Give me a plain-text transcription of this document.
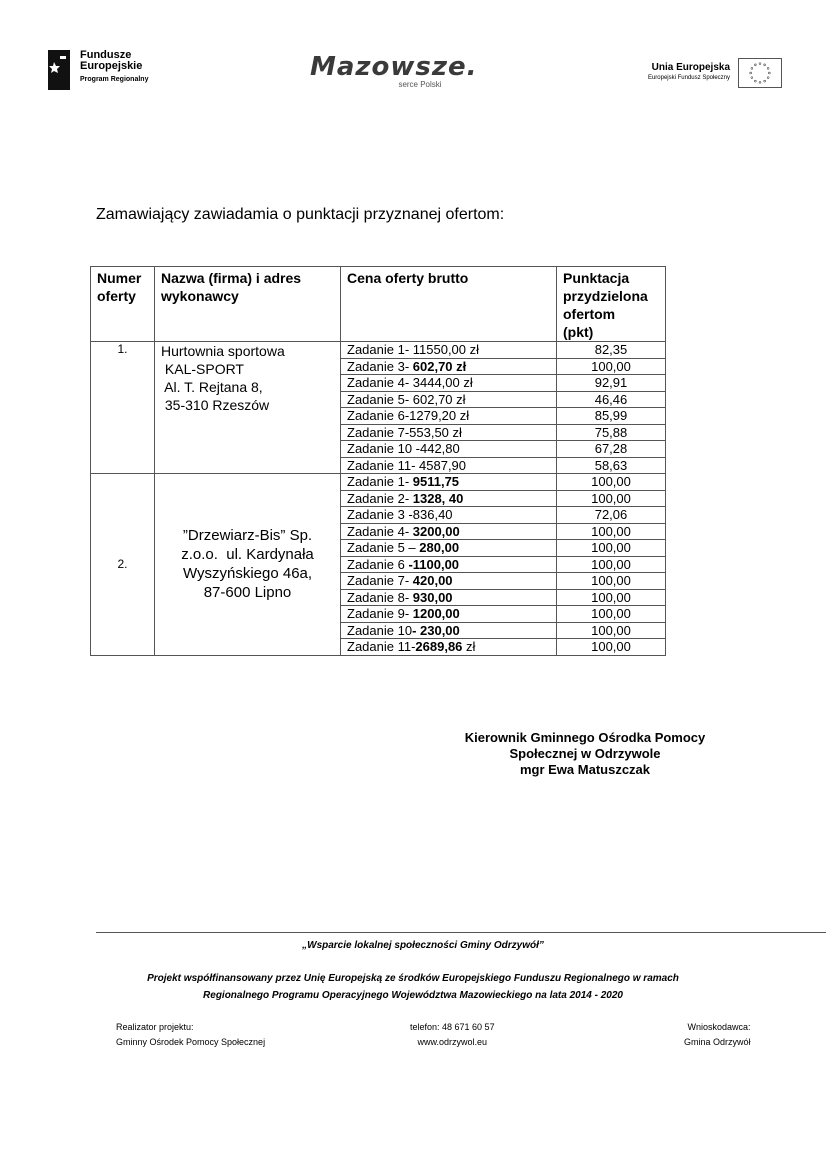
Fundusze
Europejskie
Program Regionalny	Mazowsze.
serce Polski
Unia Europejska
Europejski Fundusz Społeczny
Zamawiający zawiadamia o punktacji przyznanej ofertom:
Numer
oferty	Nazwa (firma) i adres
wykonawcy	Cena oferty brutto	Punktacja
przydzielona
ofertom
(pkt)
1.	Hurtownia sportowa
KAL-SPORT
Al. T. Rejtana 8,
35-310 Rzeszów	Zadanie 1- 11550,00 zł	82,35
		Zadanie 3- 602,70 zł	100,00
		Zadanie 4- 3444,00 zł	92,91
		Zadanie 5- 602,70 zł	46,46
		Zadanie 6-1279,20 zł	85,99
		Zadanie 7-553,50 zł	75,88
		Zadanie 10 -442,80	67,28
		Zadanie 11- 4587,90	58,63
2.	”Drzewiarz-Bis” Sp.
z.o.o.  ul. Kardynała
Wyszyńskiego 46a,
87-600 Lipno	Zadanie 1- 9511,75	100,00
		Zadanie 2- 1328, 40	100,00
		Zadanie 3 -836,40	72,06
		Zadanie 4- 3200,00	100,00
		Zadanie 5 – 280,00	100,00
		Zadanie 6 -1100,00	100,00
		Zadanie 7- 420,00	100,00
		Zadanie 8- 930,00	100,00
		Zadanie 9- 1200,00	100,00
		Zadanie 10- 230,00	100,00
		Zadanie 11-2689,86 zł	100,00
Kierownik Gminnego Ośrodka Pomocy
Społecznej w Odrzywole
mgr Ewa Matuszczak
„Wsparcie lokalnej społeczności Gminy Odrzywół”
Projekt współfinansowany przez Unię Europejską ze środków Europejskiego Funduszu Regionalnego w ramach
Regionalnego Programu Operacyjnego Województwa Mazowieckiego na lata 2014 - 2020
Realizator projektu:
Gminny Ośrodek Pomocy Społecznej
telefon: 48 671 60 57
www.odrzywol.eu
Wnioskodawca:
Gmina Odrzywół
